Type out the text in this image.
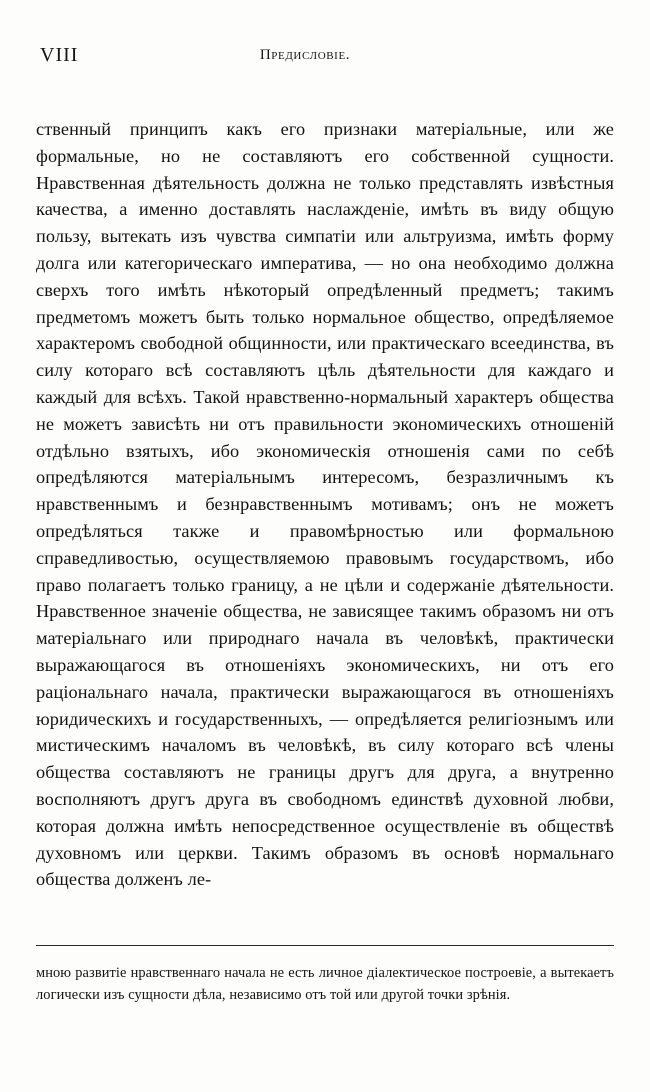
VIII	Предисловіе.

ственный принципъ какъ его признаки матеріальные, или же формальные, но не составляютъ его собственной сущности. Нравственная дѣятельность должна не только представлять извѣстныя качества, а именно доставлять наслажденіе, имѣть въ виду общую пользу, вытекать изъ чувства симпатіи или альтруизма, имѣть форму долга или категорическаго императива, — но она необходимо должна сверхъ того имѣть нѣкоторый опредѣленный предметъ; такимъ предметомъ можетъ быть только нормальное общество, опредѣляемое характеромъ свободной общинности, или практическаго всеединства, въ силу котораго всѣ составляютъ цѣль дѣятельности для каждаго и каждый для всѣхъ. Такой нравственно-нормальный характеръ общества не можетъ зависѣть ни отъ правильности экономическихъ отношеній отдѣльно взятыхъ, ибо экономическія отношенія сами по себѣ опредѣляются матеріальнымъ интересомъ, безразличнымъ къ нравственнымъ и безнравственнымъ мотивамъ; онъ не можетъ опредѣляться также и правомѣрностью или формальною справедливостью, осуществляемою правовымъ государствомъ, ибо право полагаетъ только границу, а не цѣли и содержаніе дѣятельности. Нравственное значеніе общества, не зависящее такимъ образомъ ни отъ матеріальнаго или природнаго начала въ человѣкѣ, практически выражающагося въ отношеніяхъ экономическихъ, ни отъ его раціональнаго начала, практически выражающагося въ отношеніяхъ юридическихъ и государственныхъ, — опредѣляется религіознымъ или мистическимъ началомъ въ человѣкѣ, въ силу котораго всѣ члены общества составляютъ не границы другъ для друга, а внутренно восполняютъ другъ друга въ свободномъ единствѣ духовной любви, которая должна имѣть непосредственное осуществленіе въ обществѣ духовномъ или церкви. Такимъ образомъ въ основѣ нормальнаго общества долженъ ле-

мною развитіе нравственнаго начала не есть личное діалектическое построевіе, а вытекаетъ логически изъ сущности дѣла, независимо отъ той или другой точки зрѣнія.
